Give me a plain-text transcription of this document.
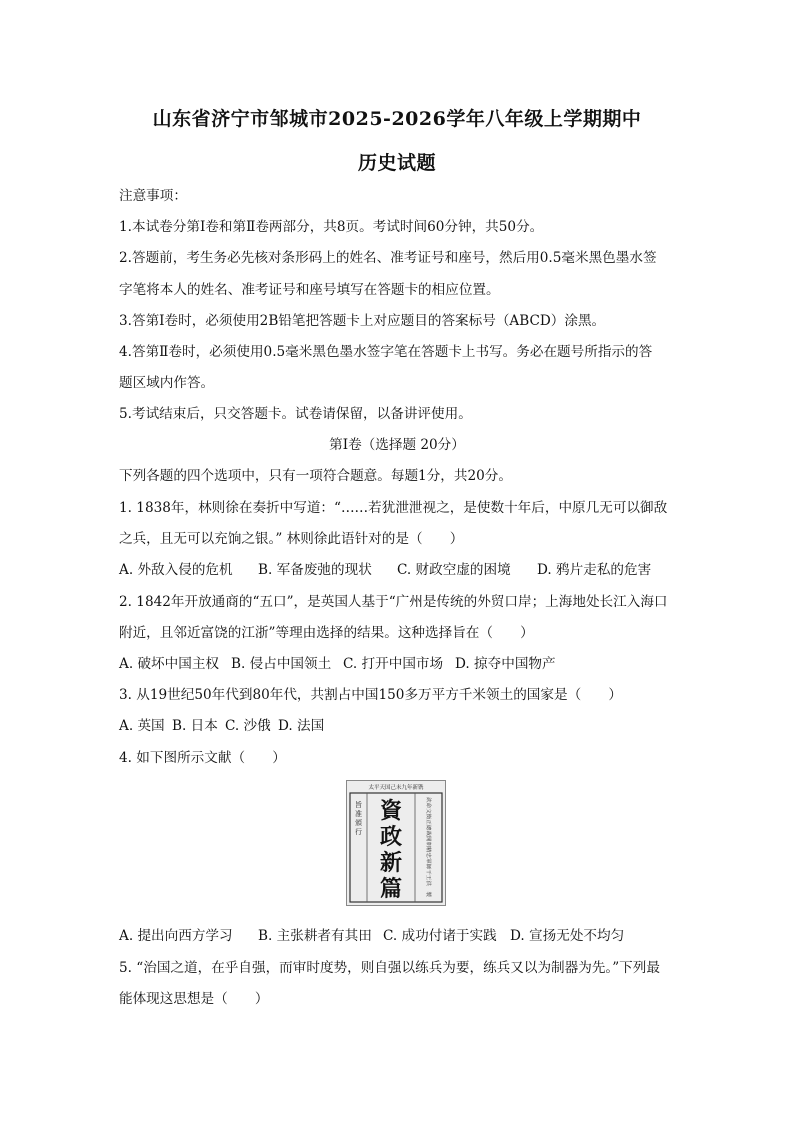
山东省济宁市邹城市2025-2026学年八年级上学期期中
历史试题
注意事项：
1.本试卷分第Ⅰ卷和第Ⅱ卷两部分，共8页。考试时间60分钟，共50分。
2.答题前，考生务必先核对条形码上的姓名、准考证号和座号，然后用0.5毫米黑色墨水签
字笔将本人的姓名、准考证号和座号填写在答题卡的相应位置。
3.答第Ⅰ卷时，必须使用2B铅笔把答题卡上对应题目的答案标号（ABCD）涂黑。
4.答第Ⅱ卷时，必须使用0.5毫米黑色墨水签字笔在答题卡上书写。务必在题号所指示的答
题区域内作答。
5.考试结束后，只交答题卡。试卷请保留，以备讲评使用。
第Ⅰ卷（选择题 20分）
下列各题的四个选项中，只有一项符合题意。每题1分，共20分。
1. 1838年，林则徐在奏折中写道：“……若犹泄泄视之，是使数十年后，中原几无可以御敌
之兵，且无可以充饷之银。” 林则徐此语针对的是（　　）
A. 外敌入侵的危机 B. 军备废弛的现状 C. 财政空虚的困境 D. 鸦片走私的危害
2. 1842年开放通商的“五口”，是英国人基于“广州是传统的外贸口岸；上海地处长江入海口
附近，且邻近富饶的江浙”等理由选择的结果。这种选择旨在（　　）
A. 破坏中国主权 B. 侵占中国领土 C. 打开中国市场 D. 掠夺中国物产
3. 从19世纪50年代到80年代，共割占中国150多万平方千米领土的国家是（　　）
A. 英国 B. 日本 C. 沙俄 D. 法国
4. 如下图所示文献（　　）
太平天国己未九年新镌
旨
准
頒
行
資
政
新
篇
欽命文衡正總裁開朝精忠軍師干王洪　製
A. 提出向西方学习 B. 主张耕者有其田 C. 成功付诸于实践 D. 宣扬无处不均匀
5. “治国之道，在乎自强，而审时度势，则自强以练兵为要，练兵又以为制器为先。”下列最
能体现这思想是（　　）
